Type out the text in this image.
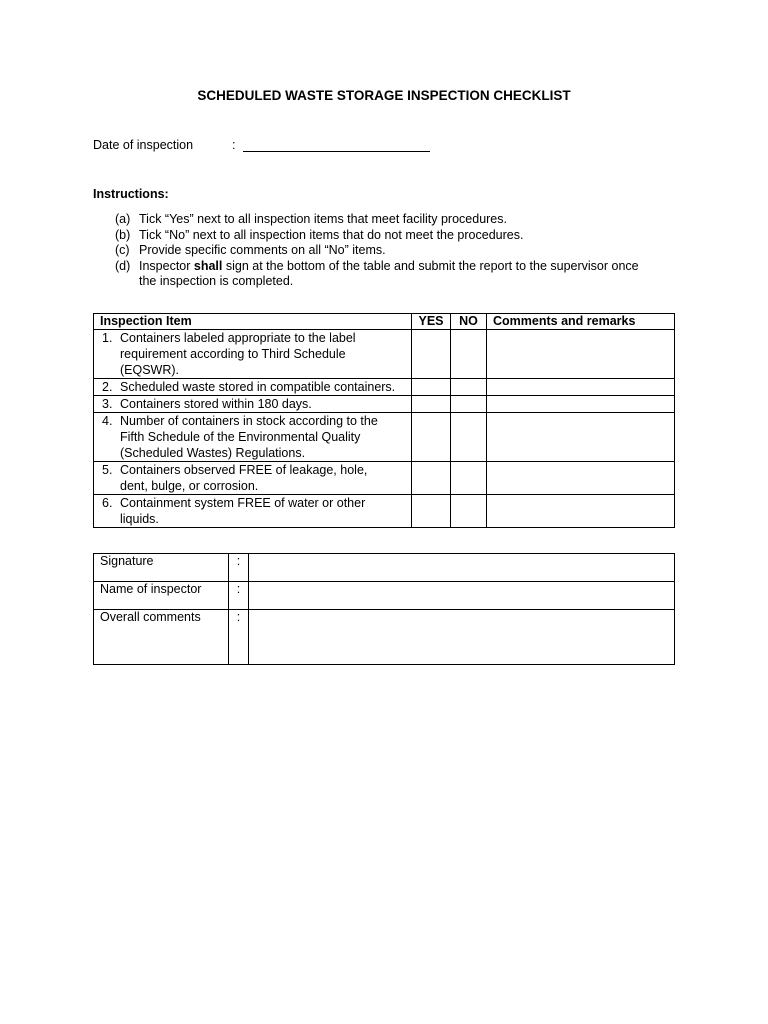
SCHEDULED WASTE STORAGE INSPECTION CHECKLIST
Date of inspection	:
Instructions:
(a) Tick “Yes” next to all inspection items that meet facility procedures.
(b) Tick “No” next to all inspection items that do not meet the procedures.
(c) Provide specific comments on all “No” items.
(d) Inspector shall sign at the bottom of the table and submit the report to the supervisor once
the inspection is completed.
Inspection Item	YES	NO	Comments and remarks

1. Containers labeled appropriate to the label
requirement according to Third Schedule
(EQSWR).			

2. Scheduled waste stored in compatible containers.			

3. Containers stored within 180 days.			

4. Number of containers in stock according to the
Fifth Schedule of the Environmental Quality
(Scheduled Wastes) Regulations.			

5. Containers observed FREE of leakage, hole,
dent, bulge, or corrosion.			

6. Containment system FREE of water or other
liquids.			

Signature	:	
Name of inspector	:	
Overall comments	:	
